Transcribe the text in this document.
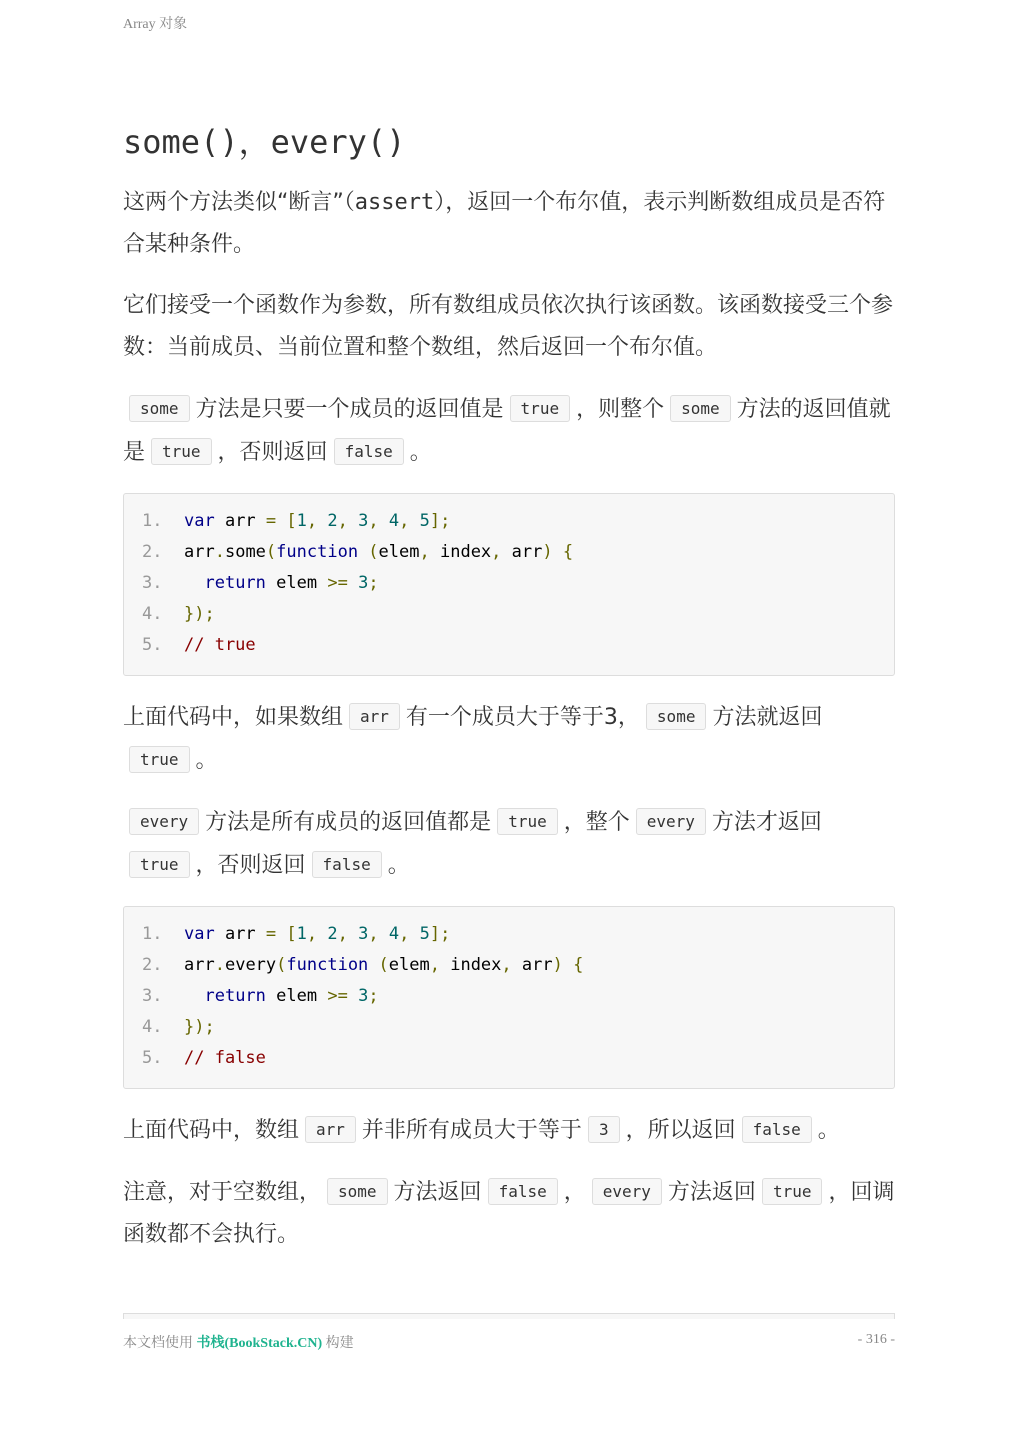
Array 对象
some()，every()

这两个方法类似“断言”（assert），返回一个布尔值，表示判断数组成员是否符合某种条件。

它们接受一个函数作为参数，所有数组成员依次执行该函数。该函数接受三个参数：当前成员、当前位置和整个数组，然后返回一个布尔值。

some 方法是只要一个成员的返回值是 true ，则整个 some 方法的返回值就是 true ，否则返回 false 。

1. var arr = [1, 2, 3, 4, 5];
2. arr.some(function (elem, index, arr) {
3. return elem >= 3;
4. });
5. // true

上面代码中，如果数组 arr 有一个成员大于等于3， some 方法就返回true 。

every 方法是所有成员的返回值都是 true ，整个 every 方法才返回true ，否则返回 false 。

1. var arr = [1, 2, 3, 4, 5];
2. arr.every(function (elem, index, arr) {
3. return elem >= 3;
4. });
5. // false

上面代码中，数组 arr 并非所有成员大于等于 3 ，所以返回 false 。

注意，对于空数组， some 方法返回 false ， every 方法返回 true ，回调函数都不会执行。

本文档使用 书栈(BookStack.CN) 构建	- 316 -
